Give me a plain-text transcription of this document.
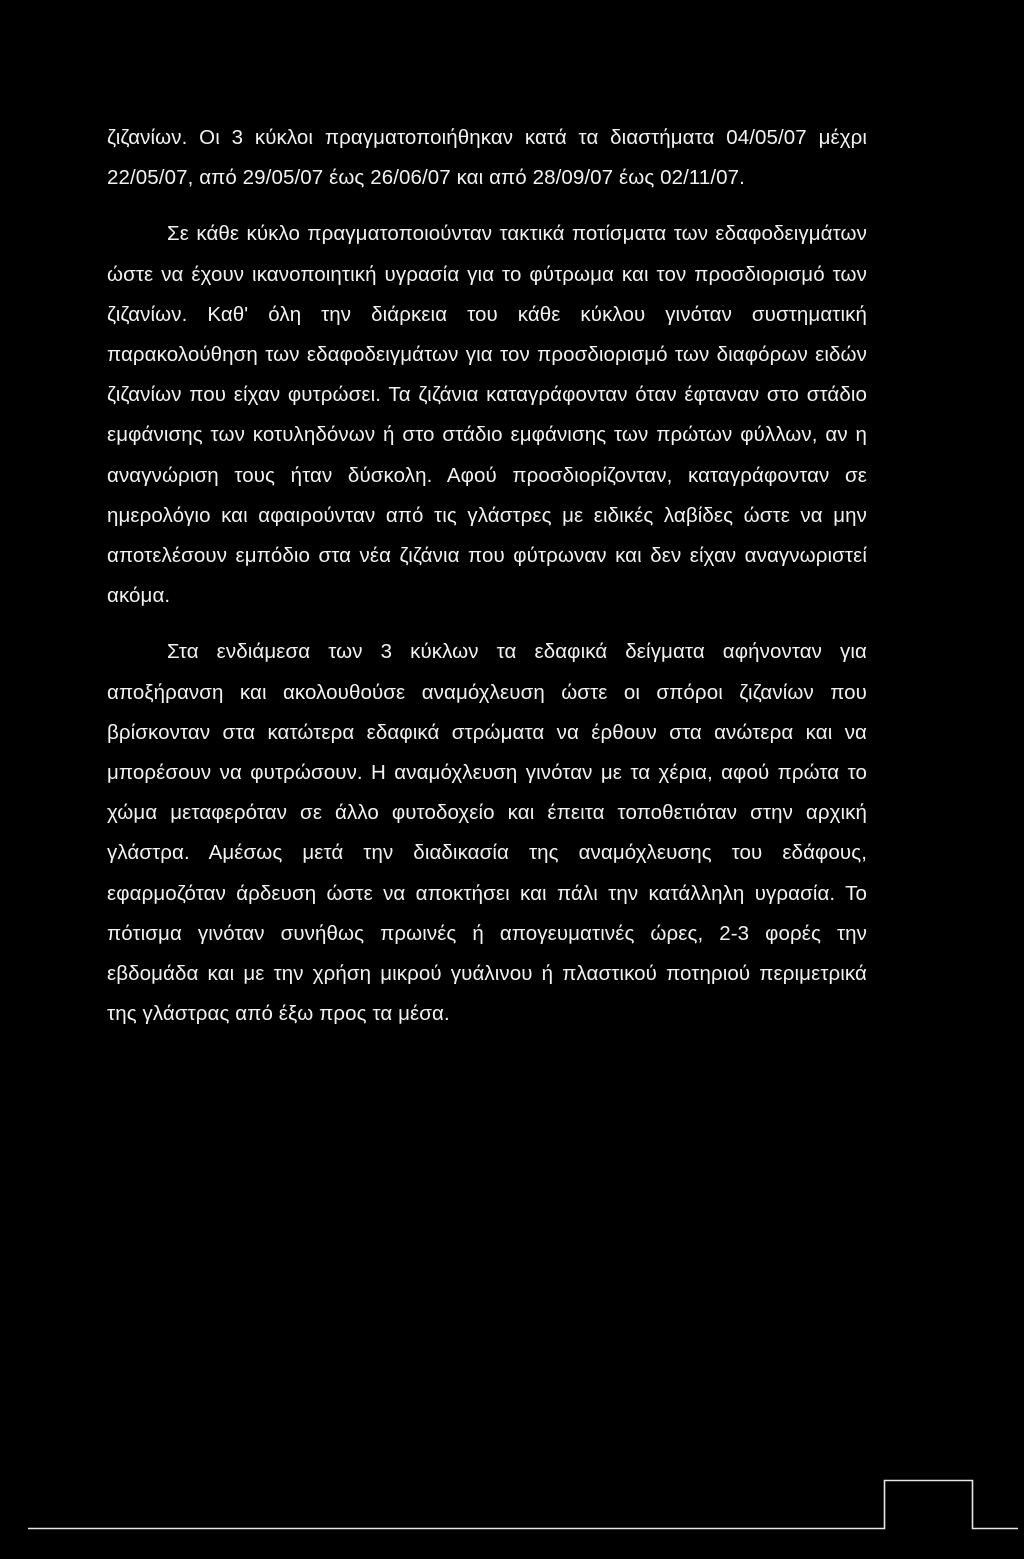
ζιζανίων. Οι 3 κύκλοι πραγματοποιήθηκαν κατά τα διαστήματα 04/05/07 μέχρι 22/05/07, από 29/05/07 έως 26/06/07 και από 28/09/07 έως 02/11/07.

Σε κάθε κύκλο πραγματοποιούνταν τακτικά ποτίσματα των εδαφοδειγμάτων ώστε να έχουν ικανοποιητική υγρασία για το φύτρωμα και τον προσδιορισμό των ζιζανίων. Καθ' όλη την διάρκεια του κάθε κύκλου γινόταν συστηματική παρακολούθηση των εδαφοδειγμάτων για τον προσδιορισμό των διαφόρων ειδών ζιζανίων που είχαν φυτρώσει. Τα ζιζάνια καταγράφονταν όταν έφταναν στο στάδιο εμφάνισης των κοτυληδόνων ή στο στάδιο εμφάνισης των πρώτων φύλλων, αν η αναγνώριση τους ήταν δύσκολη. Αφού προσδιορίζονταν, καταγράφονταν σε ημερολόγιο και αφαιρούνταν από τις γλάστρες με ειδικές λαβίδες ώστε να μην αποτελέσουν εμπόδιο στα νέα ζιζάνια που φύτρωναν και δεν είχαν αναγνωριστεί ακόμα.

Στα ενδιάμεσα των 3 κύκλων τα εδαφικά δείγματα αφήνονταν για αποξήρανση και ακολουθούσε αναμόχλευση ώστε οι σπόροι ζιζανίων που βρίσκονταν στα κατώτερα εδαφικά στρώματα να έρθουν στα ανώτερα και να μπορέσουν να φυτρώσουν. Η αναμόχλευση γινόταν με τα χέρια, αφού πρώτα το χώμα μεταφερόταν σε άλλο φυτοδοχείο και έπειτα τοποθετιόταν στην αρχική γλάστρα. Αμέσως μετά την διαδικασία της αναμόχλευσης του εδάφους, εφαρμοζόταν άρδευση ώστε να αποκτήσει και πάλι την κατάλληλη υγρασία. Το πότισμα γινόταν συνήθως πρωινές ή απογευματινές ώρες, 2-3 φορές την εβδομάδα και με την χρήση μικρού γυάλινου ή πλαστικού ποτηριού περιμετρικά της γλάστρας από έξω προς τα μέσα.
